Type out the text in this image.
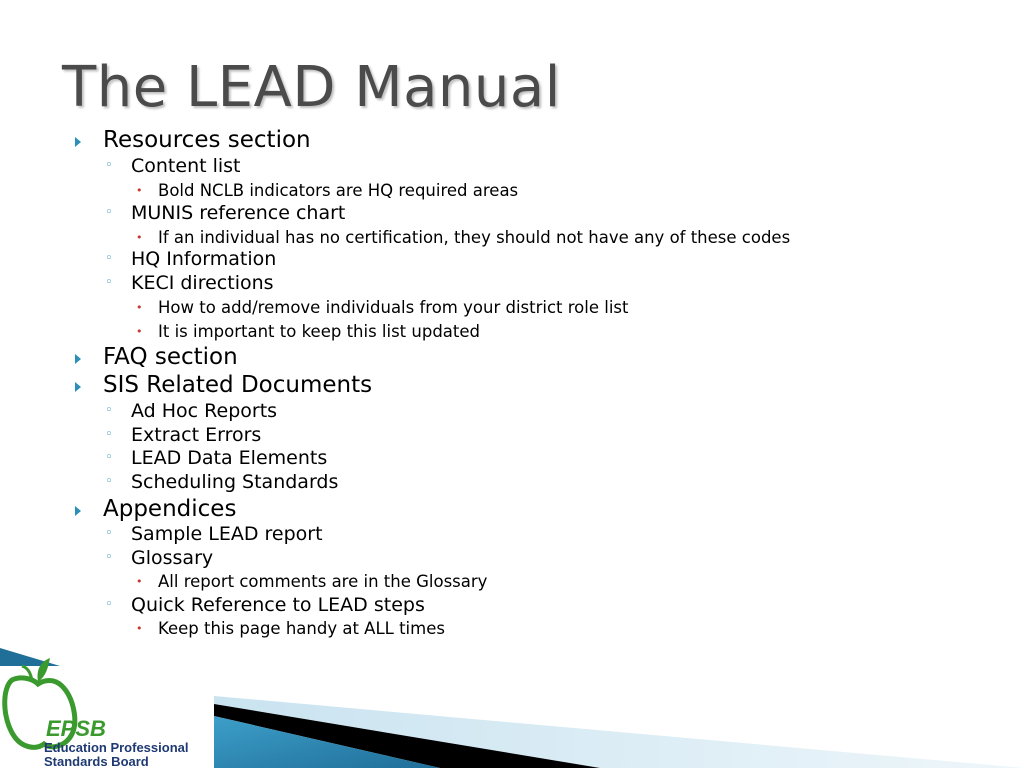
The LEAD Manual
Resources section
◦ Content list
• Bold NCLB indicators are HQ required areas
◦ MUNIS reference chart
• If an individual has no certification, they should not have any of these codes
◦ HQ Information
◦ KECI directions
• How to add/remove individuals from your district role list
• It is important to keep this list updated
FAQ section
SIS Related Documents
◦ Ad Hoc Reports
◦ Extract Errors
◦ LEAD Data Elements
◦ Scheduling Standards
Appendices
◦ Sample LEAD report
◦ Glossary
• All report comments are in the Glossary
◦ Quick Reference to LEAD steps
• Keep this page handy at ALL times
EPSB
Education Professional
Standards Board
